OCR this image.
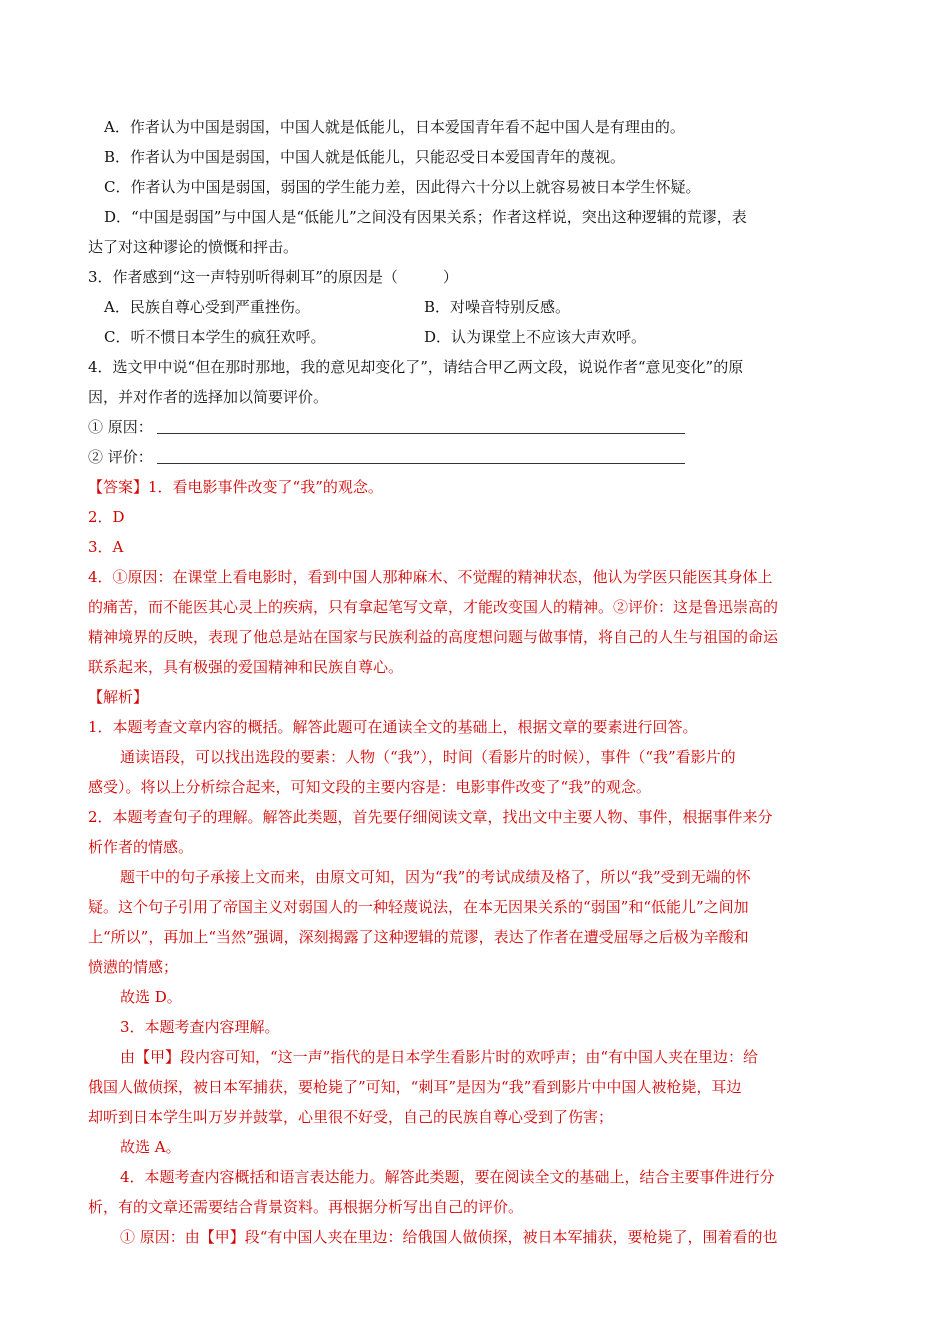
A．作者认为中国是弱国，中国人就是低能儿，日本爱国青年看不起中国人是有理由的。
B．作者认为中国是弱国，中国人就是低能儿，只能忍受日本爱国青年的蔑视。
C．作者认为中国是弱国，弱国的学生能力差，因此得六十分以上就容易被日本学生怀疑。
D．“中国是弱国”与中国人是“低能儿”之间没有因果关系；作者这样说，突出这种逻辑的荒谬，表
达了对这种谬论的愤慨和抨击。
3．作者感到“这一声特别听得刺耳”的原因是（　　　）
A．民族自尊心受到严重挫伤。	B．对噪音特别反感。
C．听不惯日本学生的疯狂欢呼。	D．认为课堂上不应该大声欢呼。
4．选文甲中说“但在那时那地，我的意见却变化了”，请结合甲乙两文段，说说作者“意见变化”的原
因，并对作者的选择加以简要评价。
① 原因：
② 评价：
【答案】1．看电影事件改变了“我”的观念。
2．D
3．A
4．①原因：在课堂上看电影时，看到中国人那种麻木、不觉醒的精神状态，他认为学医只能医其身体上
的痛苦，而不能医其心灵上的疾病，只有拿起笔写文章，才能改变国人的精神。②评价：这是鲁迅崇高的
精神境界的反映，表现了他总是站在国家与民族利益的高度想问题与做事情，将自己的人生与祖国的命运
联系起来，具有极强的爱国精神和民族自尊心。
【解析】
1．本题考查文章内容的概括。解答此题可在通读全文的基础上，根据文章的要素进行回答。
通读语段，可以找出选段的要素：人物（“我”），时间（看影片的时候），事件（“我”看影片的
感受）。将以上分析综合起来，可知文段的主要内容是：电影事件改变了“我”的观念。
2．本题考查句子的理解。解答此类题，首先要仔细阅读文章，找出文中主要人物、事件，根据事件来分
析作者的情感。
题干中的句子承接上文而来，由原文可知，因为“我”的考试成绩及格了，所以“我”受到无端的怀
疑。这个句子引用了帝国主义对弱国人的一种轻蔑说法，在本无因果关系的“弱国”和“低能儿”之间加
上“所以”，再加上“当然”强调，深刻揭露了这种逻辑的荒谬，表达了作者在遭受屈辱之后极为辛酸和
愤懑的情感；
故选 D。
3．本题考查内容理解。
由【甲】段内容可知，“这一声”指代的是日本学生看影片时的欢呼声；由“有中国人夹在里边：给
俄国人做侦探，被日本军捕获，要枪毙了”可知，“刺耳”是因为“我”看到影片中中国人被枪毙，耳边
却听到日本学生叫万岁并鼓掌，心里很不好受，自己的民族自尊心受到了伤害；
故选 A。
4．本题考查内容概括和语言表达能力。解答此类题，要在阅读全文的基础上，结合主要事件进行分
析，有的文章还需要结合背景资料。再根据分析写出自己的评价。
① 原因：由【甲】段“有中国人夹在里边：给俄国人做侦探，被日本军捕获，要枪毙了，围着看的也
